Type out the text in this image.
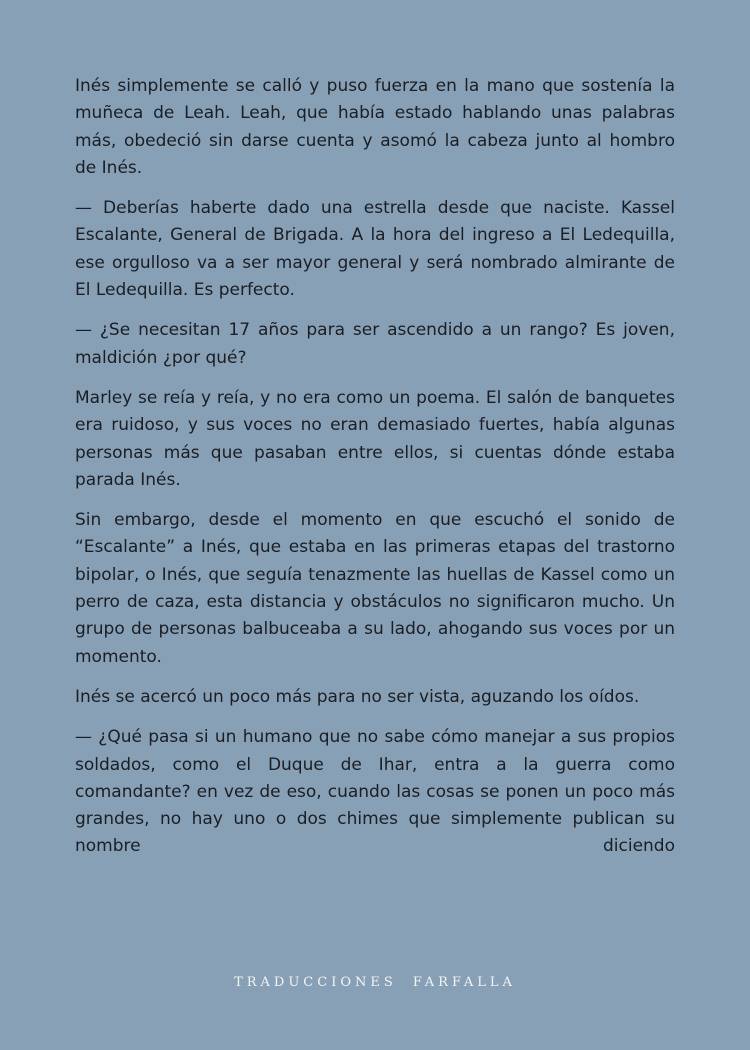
Inés simplemente se calló y puso fuerza en la mano que sostenía la muñeca de Leah. Leah, que había estado hablando unas palabras más, obedeció sin darse cuenta y asomó la cabeza junto al hombro de Inés.

— Deberías haberte dado una estrella desde que naciste. Kassel Escalante, General de Brigada. A la hora del ingreso a El Ledequilla, ese orgulloso va a ser mayor general y será nombrado almirante de El Ledequilla. Es perfecto.

— ¿Se necesitan 17 años para ser ascendido a un rango? Es joven, maldición ¿por qué?

Marley se reía y reía, y no era como un poema. El salón de banquetes era ruidoso, y sus voces no eran demasiado fuertes, había algunas personas más que pasaban entre ellos, si cuentas dónde estaba parada Inés.

Sin embargo, desde el momento en que escuchó el sonido de “Escalante” a Inés, que estaba en las primeras etapas del trastorno bipolar, o Inés, que seguía tenazmente las huellas de Kassel como un perro de caza, esta distancia y obstáculos no significaron mucho. Un grupo de personas balbuceaba a su lado, ahogando sus voces por un momento.

Inés se acercó un poco más para no ser vista, aguzando los oídos.

— ¿Qué pasa si un humano que no sabe cómo manejar a sus propios soldados, como el Duque de Ihar, entra a la guerra como comandante? en vez de eso, cuando las cosas se ponen un poco más grandes, no hay uno o dos chimes que simplemente publican su nombre diciendo

TRADUCCIONES FARFALLA
